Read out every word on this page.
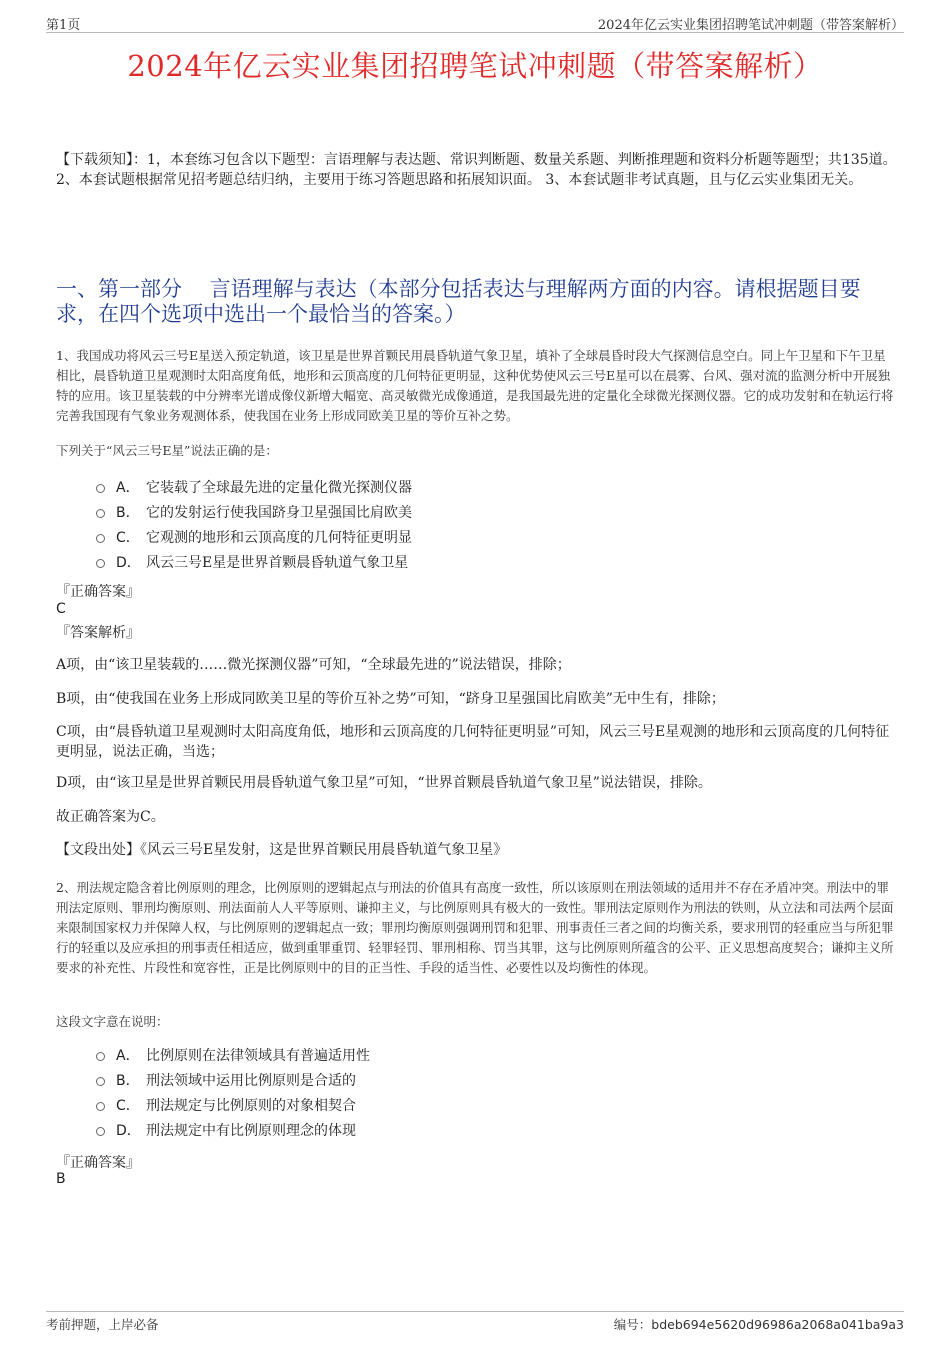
第1页	2024年亿云实业集团招聘笔试冲刺题（带答案解析）
2024年亿云实业集团招聘笔试冲刺题（带答案解析）
【下载须知】：1，本套练习包含以下题型：言语理解与表达题、常识判断题、数量关系题、判断推理题和资料分析题等题型；共135道。 2、本套试题根据常见招考题总结归纳，主要用于练习答题思路和拓展知识面。 3、本套试题非考试真题，且与亿云实业集团无关。
一、第一部分　 言语理解与表达（本部分包括表达与理解两方面的内容。请根据题目要求，在四个选项中选出一个最恰当的答案。）
1、我国成功将风云三号E星送入预定轨道，该卫星是世界首颗民用晨昏轨道气象卫星，填补了全球晨昏时段大气探测信息空白。同上午卫星和下午卫星相比，晨昏轨道卫星观测时太阳高度角低，地形和云顶高度的几何特征更明显，这种优势使风云三号E星可以在晨雾、台风、强对流的监测分析中开展独特的应用。该卫星装载的中分辨率光谱成像仪新增大幅宽、高灵敏微光成像通道，是我国最先进的定量化全球微光探测仪器。它的成功发射和在轨运行将完善我国现有气象业务观测体系，使我国在业务上形成同欧美卫星的等价互补之势。
下列关于“风云三号E星”说法正确的是：
A． 它装载了全球最先进的定量化微光探测仪器
B． 它的发射运行使我国跻身卫星强国比肩欧美
C． 它观测的地形和云顶高度的几何特征更明显
D． 风云三号E星是世界首颗晨昏轨道气象卫星
『正确答案』
C
『答案解析』
A项，由“该卫星装载的……微光探测仪器”可知，“全球最先进的”说法错误，排除；
B项，由“使我国在业务上形成同欧美卫星的等价互补之势”可知，“跻身卫星强国比肩欧美”无中生有，排除；
C项，由“晨昏轨道卫星观测时太阳高度角低，地形和云顶高度的几何特征更明显”可知，风云三号E星观测的地形和云顶高度的几何特征更明显，说法正确，当选；
D项，由“该卫星是世界首颗民用晨昏轨道气象卫星”可知，“世界首颗晨昏轨道气象卫星”说法错误，排除。
故正确答案为C。
【文段出处】《风云三号E星发射，这是世界首颗民用晨昏轨道气象卫星》
2、刑法规定隐含着比例原则的理念，比例原则的逻辑起点与刑法的价值具有高度一致性，所以该原则在刑法领域的适用并不存在矛盾冲突。刑法中的罪刑法定原则、罪刑均衡原则、刑法面前人人平等原则、谦抑主义，与比例原则具有极大的一致性。罪刑法定原则作为刑法的铁则，从立法和司法两个层面来限制国家权力并保障人权，与比例原则的逻辑起点一致；罪刑均衡原则强调刑罚和犯罪、刑事责任三者之间的均衡关系，要求刑罚的轻重应当与所犯罪行的轻重以及应承担的刑事责任相适应，做到重罪重罚、轻罪轻罚、罪刑相称、罚当其罪，这与比例原则所蕴含的公平、正义思想高度契合；谦抑主义所要求的补充性、片段性和宽容性，正是比例原则中的目的正当性、手段的适当性、必要性以及均衡性的体现。
这段文字意在说明：
A． 比例原则在法律领域具有普遍适用性
B． 刑法领域中运用比例原则是合适的
C． 刑法规定与比例原则的对象相契合
D． 刑法规定中有比例原则理念的体现
『正确答案』
B
考前押题，上岸必备	编号：bdeb694e5620d96986a2068a041ba9a3
